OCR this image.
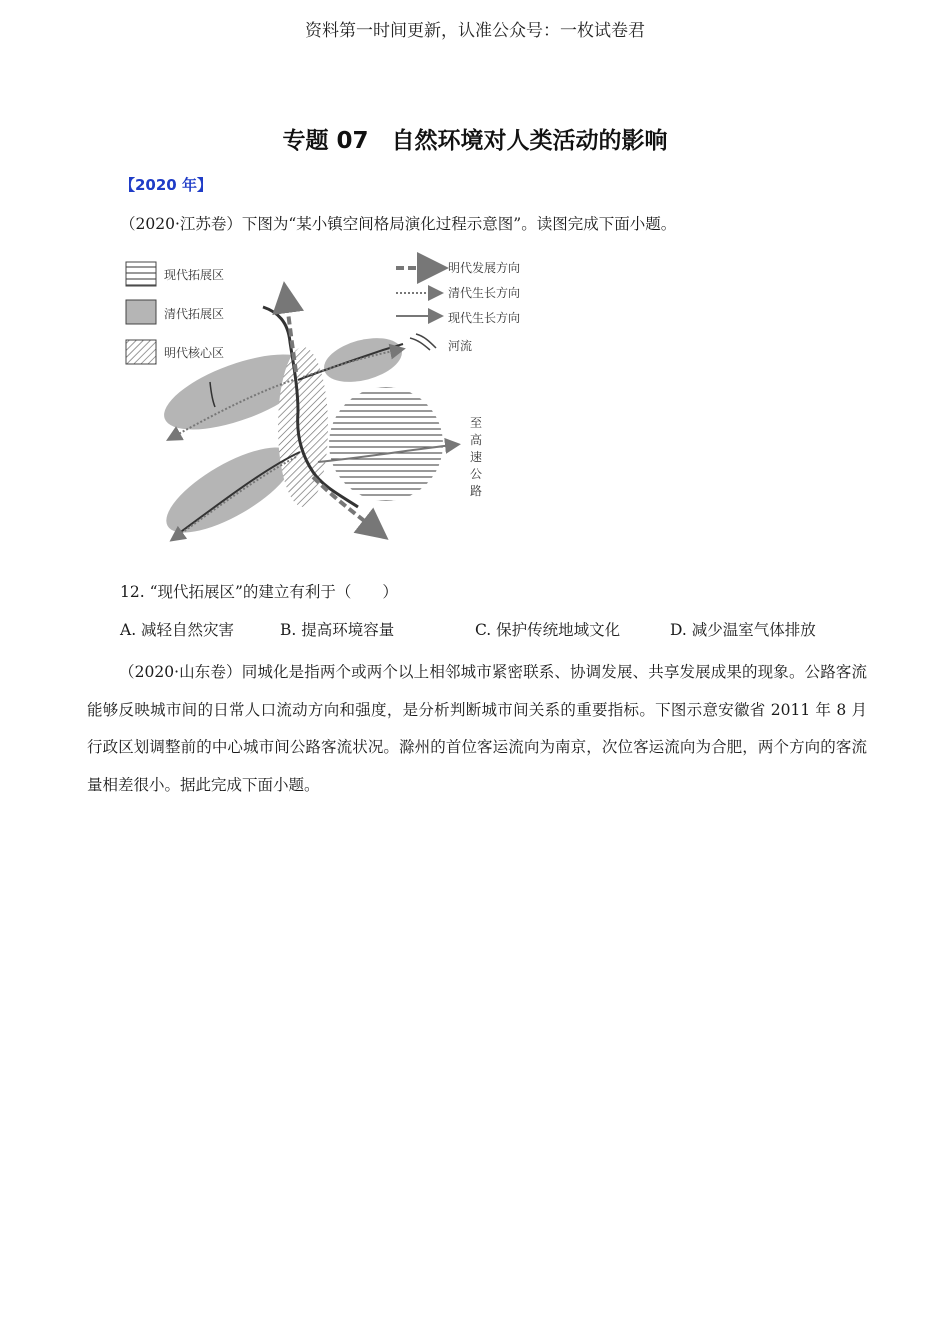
资料第一时间更新，认准公众号：一枚试卷君
专题 07　自然环境对人类活动的影响
【2020 年】
（2020·江苏卷）下图为“某小镇空间格局演化过程示意图”。读图完成下面小题。
现代拓展区
清代拓展区
明代核心区
明代发展方向
清代生长方向
现代生长方向
河流
至
高
速
公
路
12. “现代拓展区”的建立有利于（　　）
A. 减轻自然灾害	B. 提高环境容量	C. 保护传统地域文化	D. 减少温室气体排放
（2020·山东卷）同城化是指两个或两个以上相邻城市紧密联系、协调发展、共享发展成果的现象。公路客流能够反映城市间的日常人口流动方向和强度，是分析判断城市间关系的重要指标。下图示意安徽省 2011 年 8 月行政区划调整前的中心城市间公路客流状况。滁州的首位客运流向为南京，次位客运流向为合肥，两个方向的客流量相差很小。据此完成下面小题。
